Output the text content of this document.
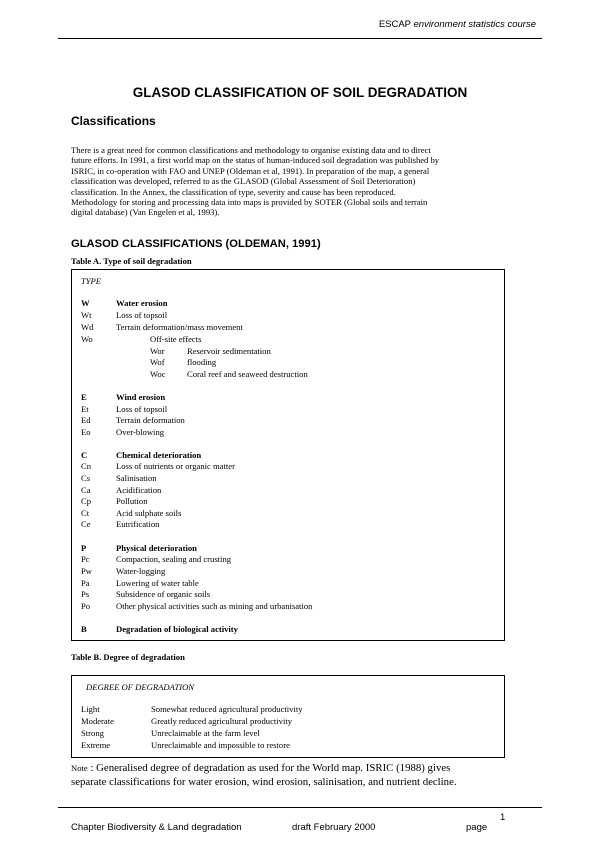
ESCAP environment statistics course
GLASOD CLASSIFICATION OF SOIL DEGRADATION
Classifications

There is a great need for common classifications and methodology to organise existing data and to direct

future efforts. In 1991, a first world map on the status of human-induced soil degradation was published by

ISRIC, in co-operation with FAO and UNEP (Oldeman et al, 1991). In preparation of the map, a general

classification was developed, referred to as the GLASOD (Global Assessment of Soil Deterioration)

classification. In the Annex, the classification of type, severity and cause has been reproduced.

Methodology for storing and processing data into maps is provided by SOTER (Global soils and terrain

digital database) (Van Engelen et al, 1993).

GLASOD CLASSIFICATIONS (OLDEMAN, 1991)
Table A. Type of soil degradation
TYPE
W	Water erosion
Wt	Loss of topsoil
Wd	Terrain deformation/mass movement
Wo	Off-site effects
Wor	Reservoir sedimentation
Wof	flooding
Woc Coral reef and seaweed destruction
E	Wind erosion
Et	Loss of topsoil
Ed	Terrain deformation
Eo	Over-blowing
C	Chemical deterioration
Cn	Loss of nutrients or organic matter
Cs	Salinisation
Ca	Acidification
Cp	Pollution
Ct	Acid sulphate soils
Ce	Eutrification
P	Physical deterioration
Pc	Compaction, sealing and crusting
Pw	Water-logging
Pa	Lowering of water table
Ps	Subsidence of organic soils
Po	Other physical activities such as mining and urbanisation
B	Degradation of biological activity
Table B. Degree of degradation
DEGREE OF DEGRADATION
Light	Somewhat reduced agricultural productivity
Moderate	Greatly reduced agricultural productivity
Strong	Unreclaimable at the farm level
Extreme	Unreclaimable and impossible to restore
Note : Generalised degree of degradation as used for the World map. ISRIC (1988) gives
separate classifications for water erosion, wind erosion, salinisation, and nutrient decline.
1
Chapter Biodiversity & Land degradation	draft February 2000	page
